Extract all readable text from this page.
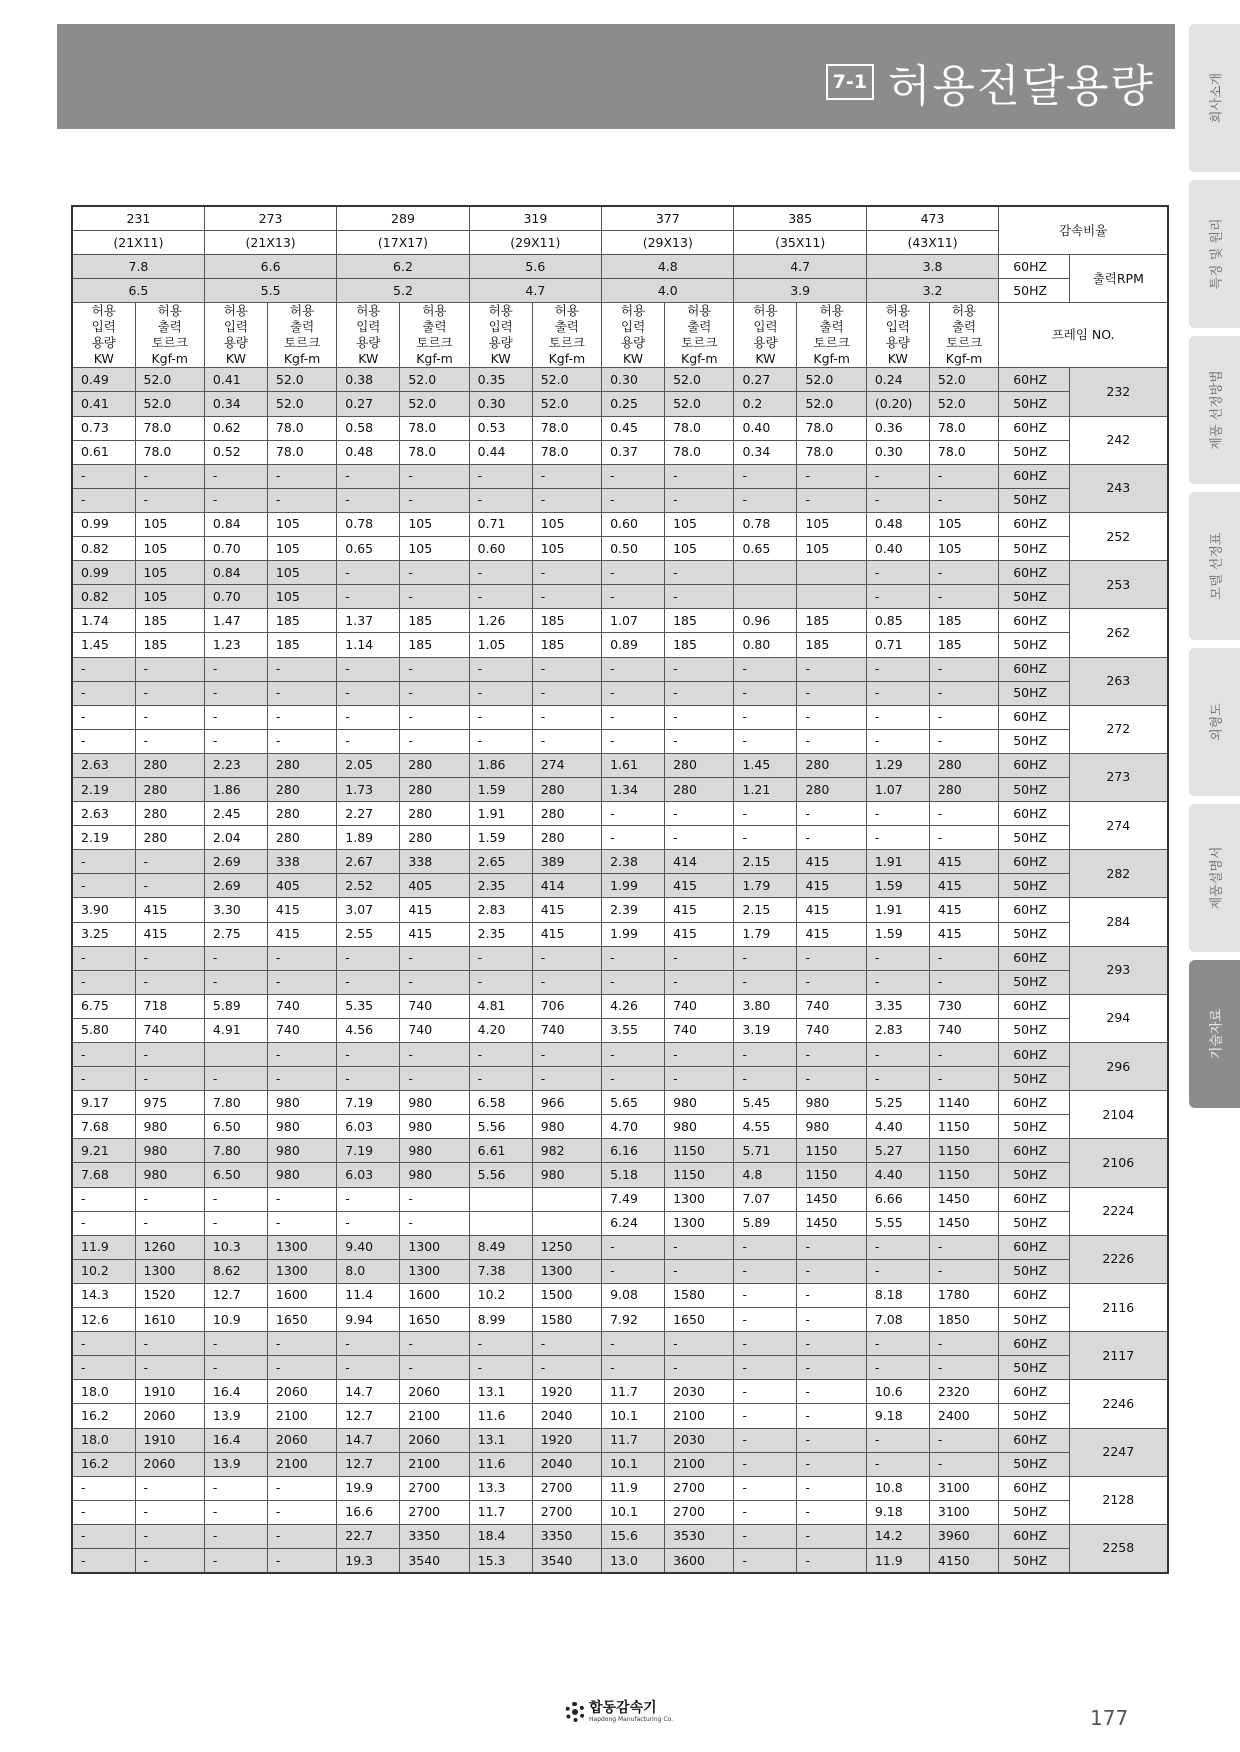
7-1 허용전달용량	회사소개
특징 및 원리
제품 선정방법
모델 선정표
외형도
제품설명서
기술자료
231		273		289		319		377		385		473		감속비율	
(21X11)		(21X13)		(17X17)		(29X11)		(29X13)		(35X11)		(43X11)			
7.8		6.6		6.2		5.6		4.8		4.7		3.8		60HZ	출력RPM
6.5		5.5		5.2		4.7		4.0		3.9		3.2		50HZ	
허용
입력
용량
KW	허용
출력
토르크
Kgf-m	허용
입력
용량
KW	허용
출력
토르크
Kgf-m	허용
입력
용량
KW	허용
출력
토르크
Kgf-m	허용
입력
용량
KW	허용
출력
토르크
Kgf-m	허용
입력
용량
KW	허용
출력
토르크
Kgf-m	허용
입력
용량
KW	허용
출력
토르크
Kgf-m	허용
입력
용량
KW	허용
출력
토르크
Kgf-m	프레임 NO.	
0.49	52.0	0.41	52.0	0.38	52.0	0.35	52.0	0.30	52.0	0.27	52.0	0.24	52.0	60HZ	232
0.41	52.0	0.34	52.0	0.27	52.0	0.30	52.0	0.25	52.0	0.2	52.0	(0.20)	52.0	50HZ	
0.73	78.0	0.62	78.0	0.58	78.0	0.53	78.0	0.45	78.0	0.40	78.0	0.36	78.0	60HZ	242
0.61	78.0	0.52	78.0	0.48	78.0	0.44	78.0	0.37	78.0	0.34	78.0	0.30	78.0	50HZ	
-	-	-	-	-	-	-	-	-	-	-	-	-	-	60HZ	243
-	-	-	-	-	-	-	-	-	-	-	-	-	-	50HZ	
0.99	105	0.84	105	0.78	105	0.71	105	0.60	105	0.78	105	0.48	105	60HZ	252
0.82	105	0.70	105	0.65	105	0.60	105	0.50	105	0.65	105	0.40	105	50HZ	
0.99	105	0.84	105	-	-	-	-	-	-			-	-	60HZ	253
0.82	105	0.70	105	-	-	-	-	-	-			-	-	50HZ	
1.74	185	1.47	185	1.37	185	1.26	185	1.07	185	0.96	185	0.85	185	60HZ	262
1.45	185	1.23	185	1.14	185	1.05	185	0.89	185	0.80	185	0.71	185	50HZ	
-	-	-	-	-	-	-	-	-	-	-	-	-	-	60HZ	263
-	-	-	-	-	-	-	-	-	-	-	-	-	-	50HZ	
-	-	-	-	-	-	-	-	-	-	-	-	-	-	60HZ	272
-	-	-	-	-	-	-	-	-	-	-	-	-	-	50HZ	
2.63	280	2.23	280	2.05	280	1.86	274	1.61	280	1.45	280	1.29	280	60HZ	273
2.19	280	1.86	280	1.73	280	1.59	280	1.34	280	1.21	280	1.07	280	50HZ	
2.63	280	2.45	280	2.27	280	1.91	280	-	-	-	-	-	-	60HZ	274
2.19	280	2.04	280	1.89	280	1.59	280	-	-	-	-	-	-	50HZ	
-	-	2.69	338	2.67	338	2.65	389	2.38	414	2.15	415	1.91	415	60HZ	282
-	-	2.69	405	2.52	405	2.35	414	1.99	415	1.79	415	1.59	415	50HZ	
3.90	415	3.30	415	3.07	415	2.83	415	2.39	415	2.15	415	1.91	415	60HZ	284
3.25	415	2.75	415	2.55	415	2.35	415	1.99	415	1.79	415	1.59	415	50HZ	
-	-	-	-	-	-	-	-	-	-	-	-	-	-	60HZ	293
-	-	-	-	-	-	-	-	-	-	-	-	-	-	50HZ	
6.75	718	5.89	740	5.35	740	4.81	706	4.26	740	3.80	740	3.35	730	60HZ	294
5.80	740	4.91	740	4.56	740	4.20	740	3.55	740	3.19	740	2.83	740	50HZ	
-	-		-	-	-	-	-	-	-	-	-	-	-	60HZ	296
-	-	-	-	-	-	-	-	-	-	-	-	-	-	50HZ	
9.17	975	7.80	980	7.19	980	6.58	966	5.65	980	5.45	980	5.25	1140	60HZ	2104
7.68	980	6.50	980	6.03	980	5.56	980	4.70	980	4.55	980	4.40	1150	50HZ	
9.21	980	7.80	980	7.19	980	6.61	982	6.16	1150	5.71	1150	5.27	1150	60HZ	2106
7.68	980	6.50	980	6.03	980	5.56	980	5.18	1150	4.8	1150	4.40	1150	50HZ	
-	-	-	-	-	-			7.49	1300	7.07	1450	6.66	1450	60HZ	2224
-	-	-	-	-	-			6.24	1300	5.89	1450	5.55	1450	50HZ	
11.9	1260	10.3	1300	9.40	1300	8.49	1250	-	-	-	-	-	-	60HZ	2226
10.2	1300	8.62	1300	8.0	1300	7.38	1300	-	-	-	-	-	-	50HZ	
14.3	1520	12.7	1600	11.4	1600	10.2	1500	9.08	1580	-	-	8.18	1780	60HZ	2116
12.6	1610	10.9	1650	9.94	1650	8.99	1580	7.92	1650	-	-	7.08	1850	50HZ	
-	-	-	-	-	-	-	-	-	-	-	-	-	-	60HZ	2117
-	-	-	-	-	-	-	-	-	-	-	-	-	-	50HZ	
18.0	1910	16.4	2060	14.7	2060	13.1	1920	11.7	2030	-	-	10.6	2320	60HZ	2246
16.2	2060	13.9	2100	12.7	2100	11.6	2040	10.1	2100	-	-	9.18	2400	50HZ	
18.0	1910	16.4	2060	14.7	2060	13.1	1920	11.7	2030	-	-	-	-	60HZ	2247
16.2	2060	13.9	2100	12.7	2100	11.6	2040	10.1	2100	-	-	-	-	50HZ	
-	-	-	-	19.9	2700	13.3	2700	11.9	2700	-	-	10.8	3100	60HZ	2128
-	-	-	-	16.6	2700	11.7	2700	10.1	2700	-	-	9.18	3100	50HZ	
-	-	-	-	22.7	3350	18.4	3350	15.6	3530	-	-	14.2	3960	60HZ	2258
-	-	-	-	19.3	3540	15.3	3540	13.0	3600	-	-	11.9	4150	50HZ	
합동감속기
Hapdong Manufacturing Co.	177
